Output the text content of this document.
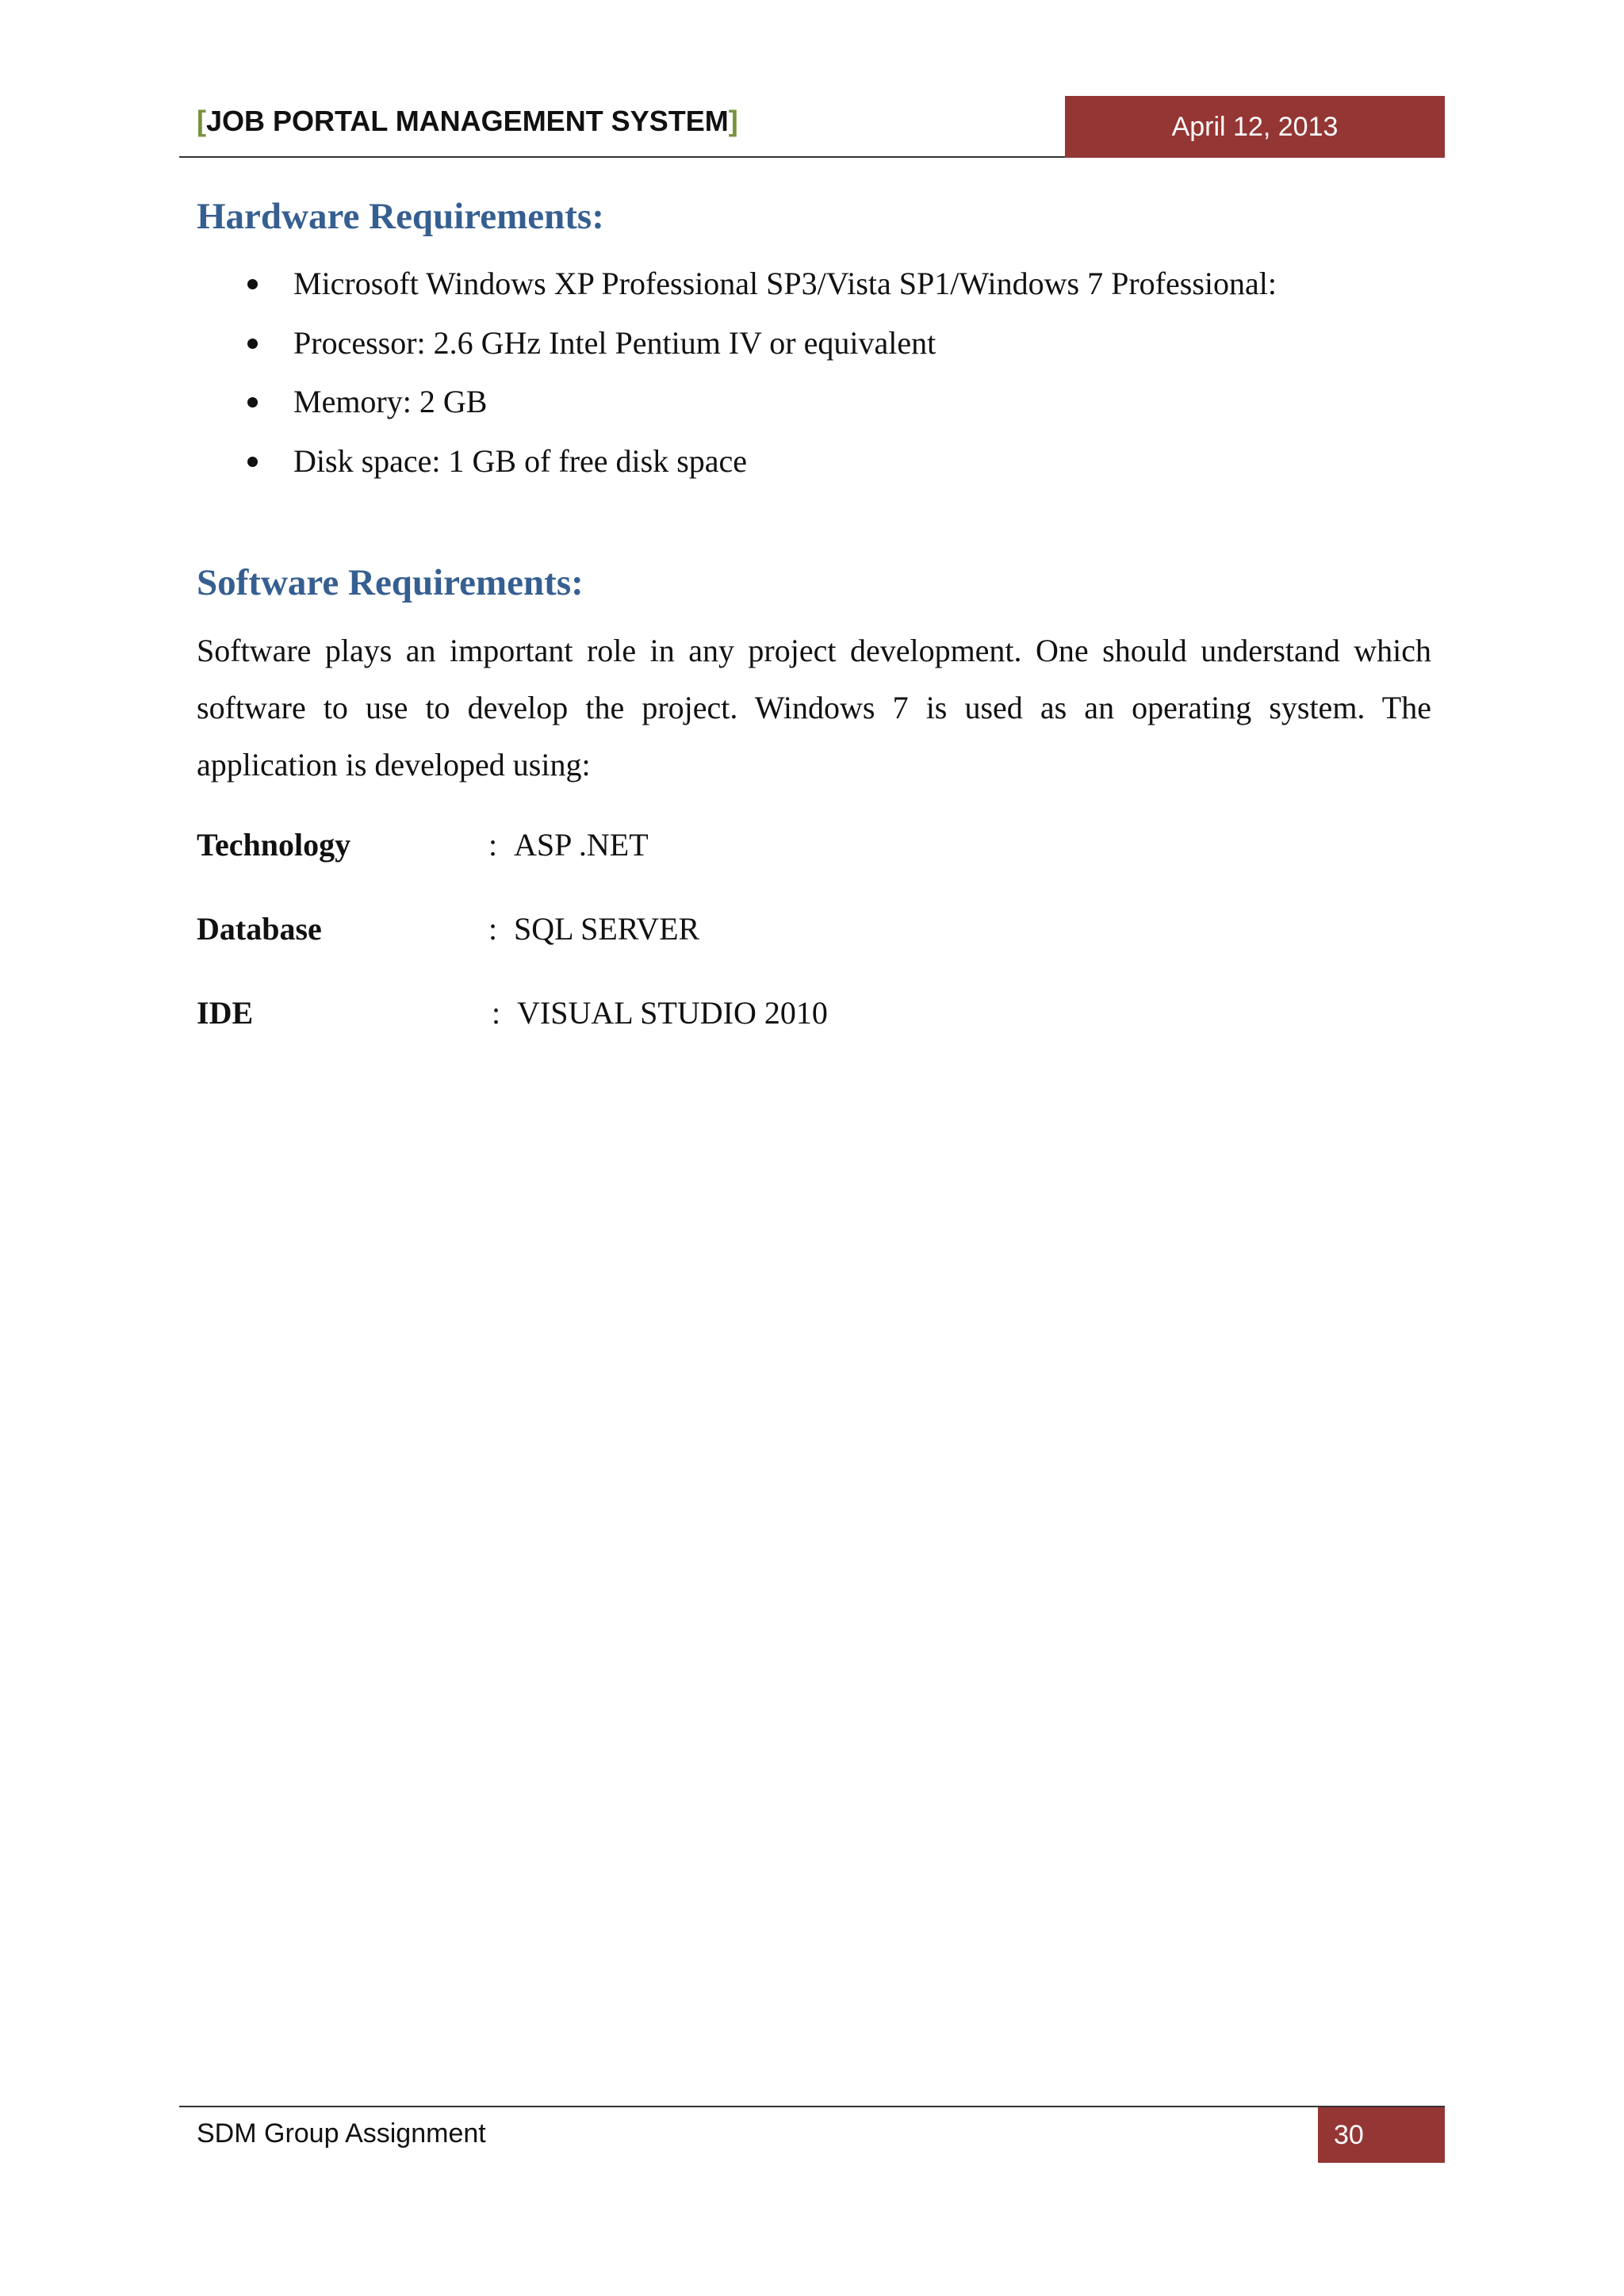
[JOB PORTAL MANAGEMENT SYSTEM]	April 12, 2013
Hardware Requirements:
Microsoft Windows XP Professional SP3/Vista SP1/Windows 7 Professional:
Processor: 2.6 GHz Intel Pentium IV or equivalent
Memory: 2 GB
Disk space: 1 GB of free disk space
Software Requirements:

Software plays an important role in any project development. One should understand which software to use to develop the project. Windows 7 is used as an operating system. The application is developed using:

Technology	: ASP .NET
Database	: SQL SERVER
IDE	: VISUAL STUDIO 2010
SDM Group Assignment	30
